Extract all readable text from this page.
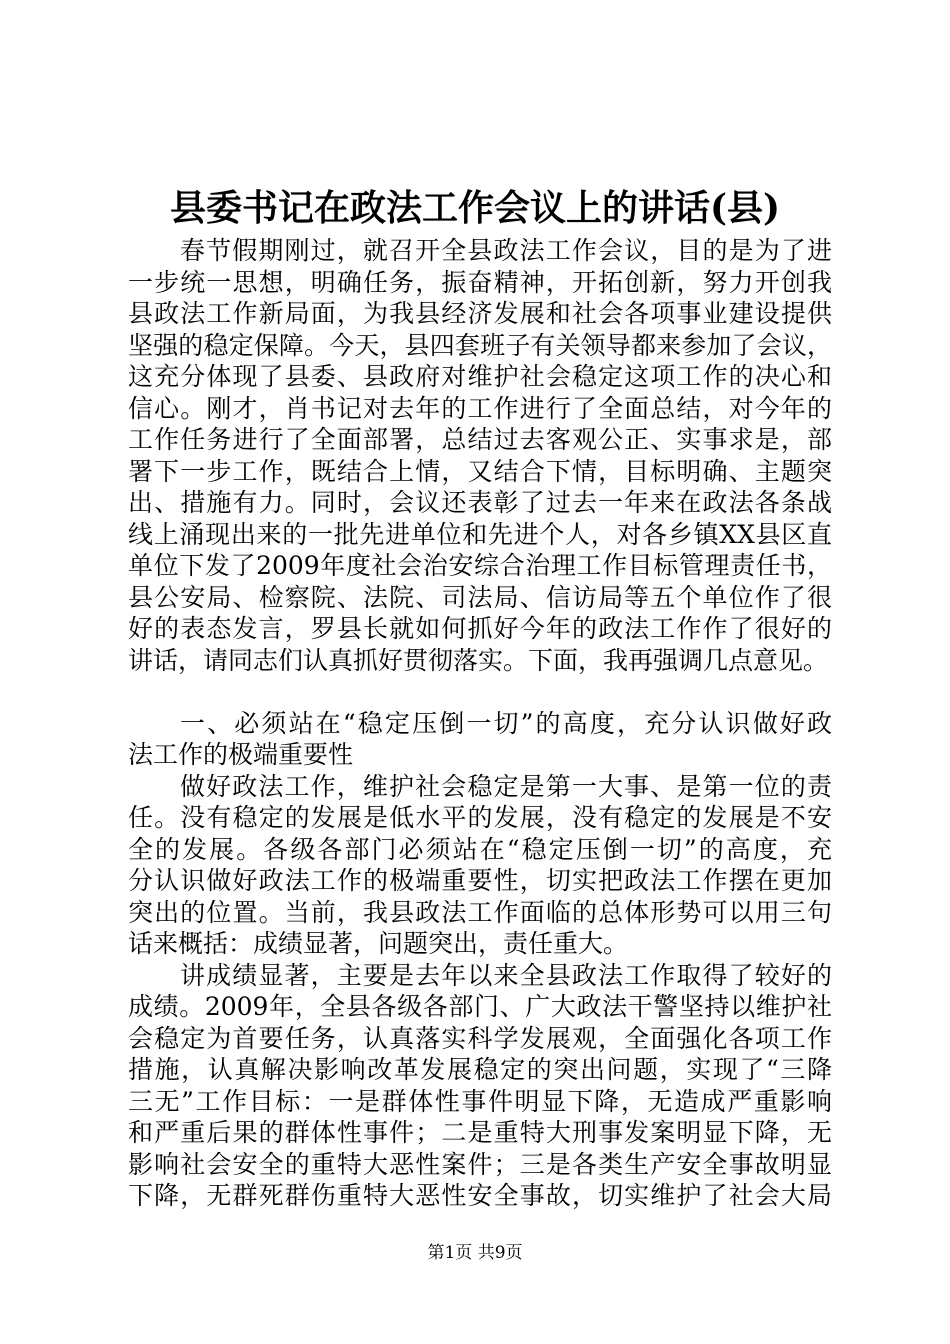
县委书记在政法工作会议上的讲话(县)
春节假期刚过，就召开全县政法工作会议，目的是为了进
一步统一思想，明确任务，振奋精神，开拓创新，努力开创我
县政法工作新局面，为我县经济发展和社会各项事业建设提供
坚强的稳定保障。今天，县四套班子有关领导都来参加了会议，
这充分体现了县委、县政府对维护社会稳定这项工作的决心和
信心。刚才，肖书记对去年的工作进行了全面总结，对今年的
工作任务进行了全面部署，总结过去客观公正、实事求是，部
署下一步工作，既结合上情，又结合下情，目标明确、主题突
出、措施有力。同时，会议还表彰了过去一年来在政法各条战
线上涌现出来的一批先进单位和先进个人，对各乡镇XX县区直
单位下发了2009年度社会治安综合治理工作目标管理责任书，
县公安局、检察院、法院、司法局、信访局等五个单位作了很
好的表态发言，罗县长就如何抓好今年的政法工作作了很好的
讲话，请同志们认真抓好贯彻落实。下面，我再强调几点意见。
一、必须站在“稳定压倒一切”的高度，充分认识做好政
法工作的极端重要性
做好政法工作，维护社会稳定是第一大事、是第一位的责
任。没有稳定的发展是低水平的发展，没有稳定的发展是不安
全的发展。各级各部门必须站在“稳定压倒一切”的高度，充
分认识做好政法工作的极端重要性，切实把政法工作摆在更加
突出的位置。当前，我县政法工作面临的总体形势可以用三句
话来概括：成绩显著，问题突出，责任重大。
讲成绩显著，主要是去年以来全县政法工作取得了较好的
成绩。2009年，全县各级各部门、广大政法干警坚持以维护社
会稳定为首要任务，认真落实科学发展观，全面强化各项工作
措施，认真解决影响改革发展稳定的突出问题，实现了“三降
三无”工作目标：一是群体性事件明显下降，无造成严重影响
和严重后果的群体性事件；二是重特大刑事发案明显下降，无
影响社会安全的重特大恶性案件；三是各类生产安全事故明显
下降，无群死群伤重特大恶性安全事故，切实维护了社会大局
第1页 共9页
